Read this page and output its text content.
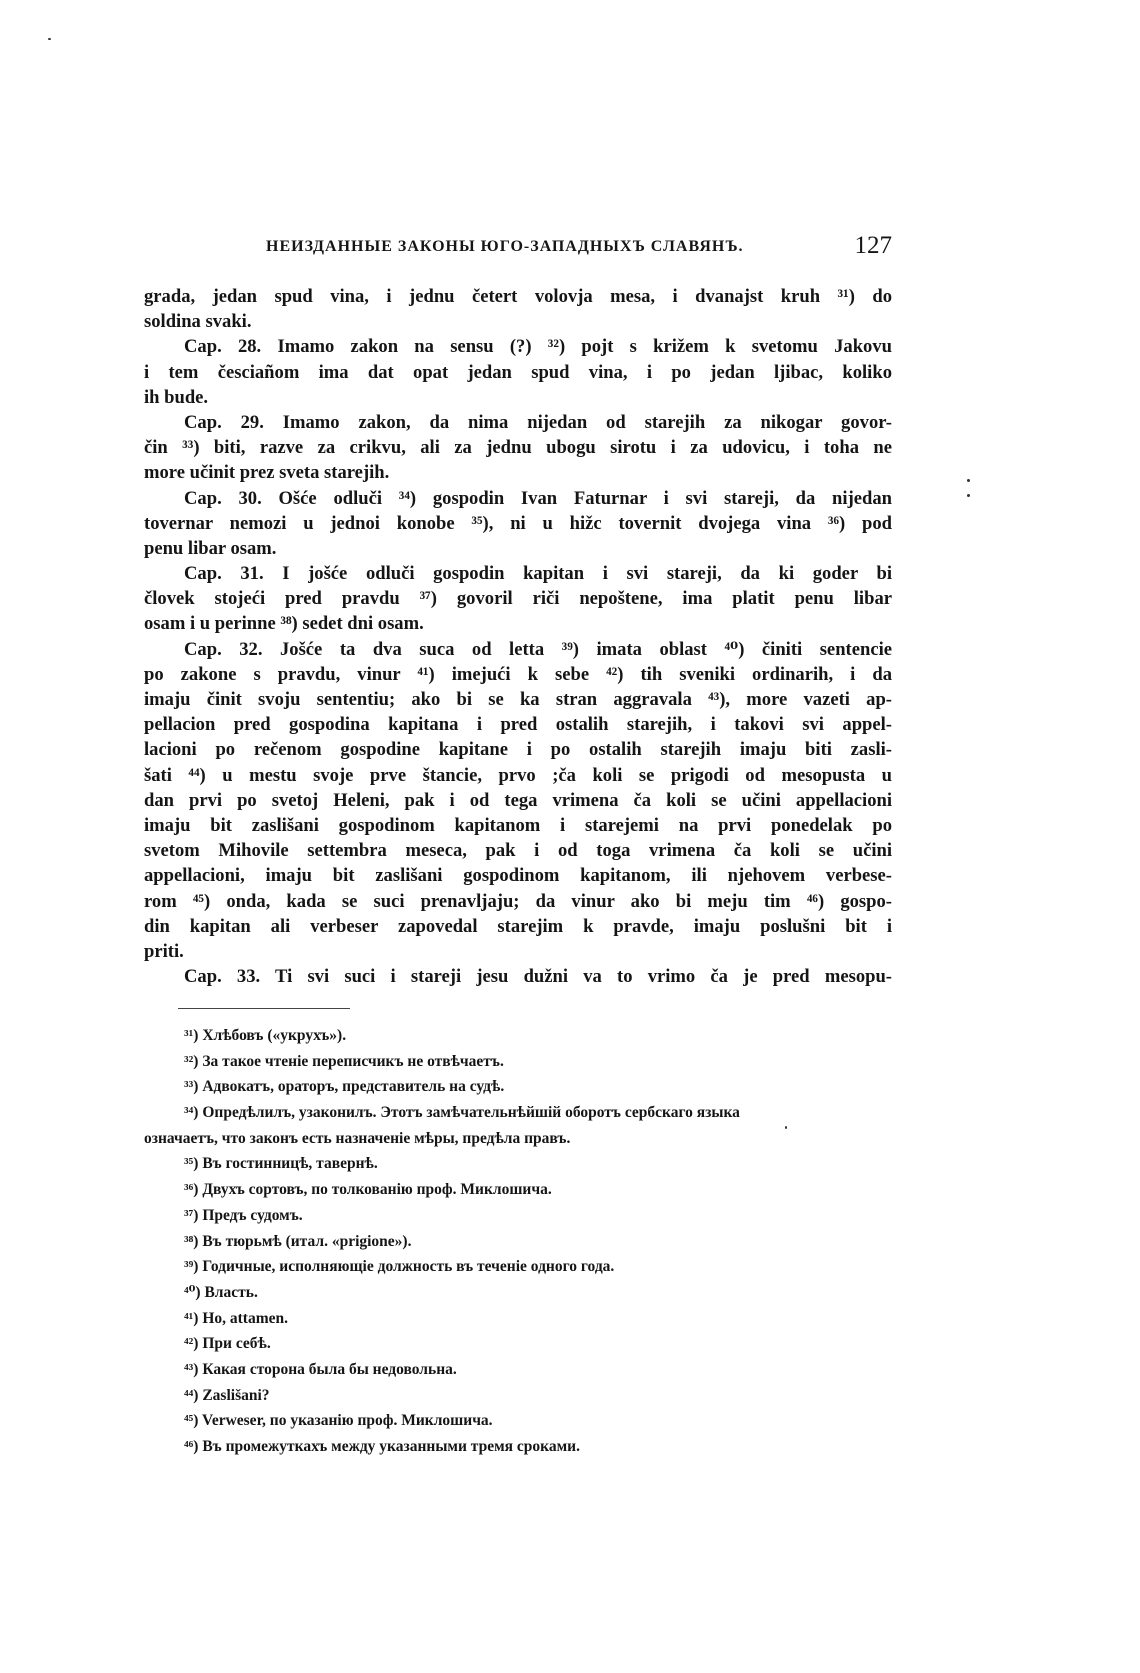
НЕИЗДАННЫЕ ЗАКОНЫ ЮГО-ЗАПАДНЫХЪ СЛАВЯНЪ.	127
grada, jedan spud vina, i jednu četert volovja mesa, i dvanajst kruh ³¹) do
soldina svaki.
Cap. 28. Imamo zakon na sensu (?) ³²) pojt s križem k svetomu Jakovu
i tem česciañom ima dat opat jedan spud vina, i po jedan ljibac, koliko
ih bude.
Cap. 29. Imamo zakon, da nima nijedan od starejih za nikogar govor-
čin ³³) biti, razve za crikvu, ali za jednu ubogu sirotu i za udovicu, i toha ne
more učinit prez sveta starejih.
Cap. 30. Ošće odluči ³⁴) gospodin Ivan Faturnar i svi stareji, da nijedan
tovernar nemozi u jednoi konobe ³⁵), ni u hižc tovernit dvojega vina ³⁶) pod
penu libar osam.
Cap. 31. I jošće odluči gospodin kapitan i svi stareji, da ki goder bi
človek stojeći pred pravdu ³⁷) govoril riči nepoštene, ima platit penu libar
osam i u perinne ³⁸) sedet dni osam.
Cap. 32. Jošće ta dva suca od letta ³⁹) imata oblast ⁴⁰) činiti sentencie
po zakone s pravdu, vinur ⁴¹) imejući k sebe ⁴²) tih sveniki ordinarih, i da
imaju činit svoju sententiu; ako bi se ka stran aggravala ⁴³), more vazeti ap-
pellacion pred gospodina kapitana i pred ostalih starejih, i takovi svi appel-
lacioni po rečenom gospodine kapitane i po ostalih starejih imaju biti zasli-
šati ⁴⁴) u mestu svoje prve štancie, prvo ;ča koli se prigodi od mesopusta u
dan prvi po svetoj Heleni, pak i od tega vrimena ča koli se učini appellacioni
imaju bit zaslišani gospodinom kapitanom i starejemi na prvi ponedelak po
svetom Mihovile settembra meseca, pak i od toga vrimena ča koli se učini
appellacioni, imaju bit zaslišani gospodinom kapitanom, ili njehovem verbese-
rom ⁴⁵) onda, kada se suci prenavljaju; da vinur ako bi meju tim ⁴⁶) gospo-
din kapitan ali verbeser zapovedal starejim k pravde, imaju poslušni bit i
priti.
Cap. 33. Ti svi suci i stareji jesu dužni va to vrimo ča je pred mesopu-
³¹) Хлѣбовъ («укрухъ»).
³²) За такое чтеніе переписчикъ не отвѣчаетъ.
³³) Адвокатъ, ораторъ, представитель на судѣ.
³⁴) Опредѣлилъ, узаконилъ. Этотъ замѣчательнѣйшій оборотъ сербскаго языка
означаетъ, что законъ есть назначеніе мѣры, предѣла правъ.
³⁵) Въ гостинницѣ, тавернѣ.
³⁶) Двухъ сортовъ, по толкованію проф. Миклошича.
³⁷) Предъ судомъ.
³⁸) Въ тюрьмѣ (итал. «prigione»).
³⁹) Годичные, исполняющіе должность въ теченіе одного года.
⁴⁰) Власть.
⁴¹) Но, attamen.
⁴²) При себѣ.
⁴³) Какая сторона была бы недовольна.
⁴⁴) Zaslišani?
⁴⁵) Verweser, по указанію проф. Миклошича.
⁴⁶) Въ промежуткахъ между указанными тремя сроками.
